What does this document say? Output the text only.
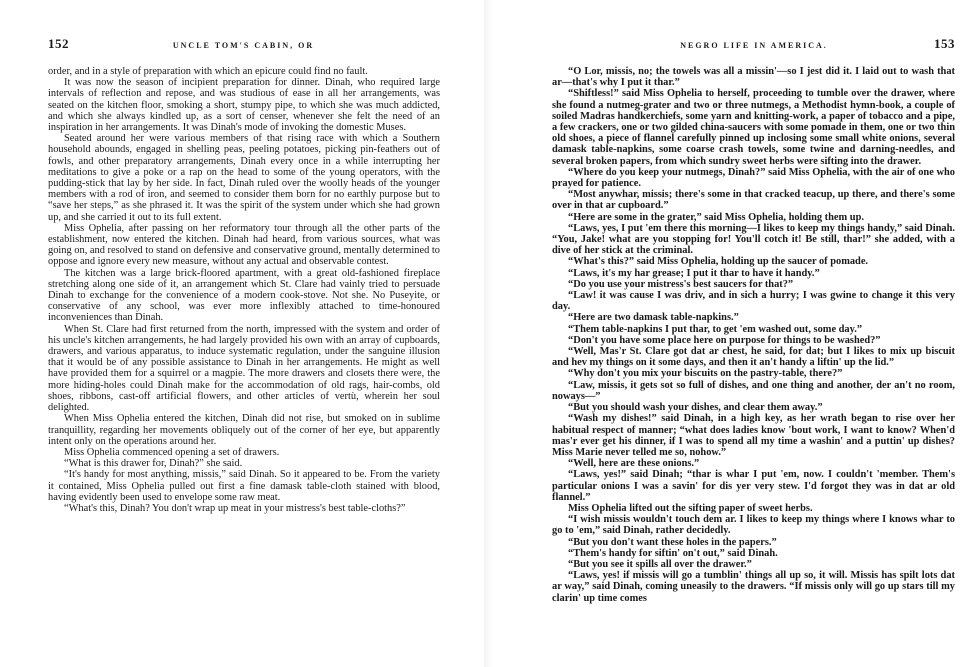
152	UNCLE TOM'S CABIN, OR

order, and in a style of preparation with which an epicure could find no fault.

It was now the season of incipient preparation for dinner. Dinah, who required large intervals of reflection and repose, and was studious of ease in all her arrangements, was seated on the kitchen floor, smoking a short, stumpy pipe, to which she was much addicted, and which she always kindled up, as a sort of censer, whenever she felt the need of an inspiration in her arrangements. It was Dinah's mode of invoking the domestic Muses.

Seated around her were various members of that rising race with which a Southern household abounds, engaged in shelling peas, peeling potatoes, picking pin-feathers out of fowls, and other preparatory arrangements, Dinah every once in a while interrupting her meditations to give a poke or a rap on the head to some of the young operators, with the pudding-stick that lay by her side. In fact, Dinah ruled over the woolly heads of the younger members with a rod of iron, and seemed to consider them born for no earthly purpose but to “save her steps,” as she phrased it. It was the spirit of the system under which she had grown up, and she carried it out to its full extent.

Miss Ophelia, after passing on her reformatory tour through all the other parts of the establishment, now entered the kitchen. Dinah had heard, from various sources, what was going on, and resolved to stand on defensive and conservative ground, mentally determined to oppose and ignore every new measure, without any actual and observable contest.

The kitchen was a large brick-floored apartment, with a great old-fashioned fireplace stretching along one side of it, an arrangement which St. Clare had vainly tried to persuade Dinah to exchange for the convenience of a modern cook-stove. Not she. No Puseyite, or conservative of any school, was ever more inflexibly attached to time-honoured inconveniences than Dinah.

When St. Clare had first returned from the north, impressed with the system and order of his uncle's kitchen arrangements, he had largely provided his own with an array of cupboards, drawers, and various apparatus, to induce systematic regulation, under the sanguine illusion that it would be of any possible assistance to Dinah in her arrangements. He might as well have provided them for a squirrel or a magpie. The more drawers and closets there were, the more hiding-holes could Dinah make for the accommodation of old rags, hair-combs, old shoes, ribbons, cast-off artificial flowers, and other articles of vertù, wherein her soul delighted.

When Miss Ophelia entered the kitchen, Dinah did not rise, but smoked on in sublime tranquillity, regarding her movements obliquely out of the corner of her eye, but apparently intent only on the operations around her.

Miss Ophelia commenced opening a set of drawers.

“What is this drawer for, Dinah?” she said.

“It's handy for most anything, missis,” said Dinah. So it appeared to be. From the variety it contained, Miss Ophelia pulled out first a fine damask table-cloth stained with blood, having evidently been used to envelope some raw meat.

“What's this, Dinah? You don't wrap up meat in your mistress's best table-cloths?”

NEGRO LIFE IN AMERICA.	153

“O Lor, missis, no; the towels was all a missin'—so I jest did it. I laid out to wash that ar—that's why I put it thar.”

“Shiftless!” said Miss Ophelia to herself, proceeding to tumble over the drawer, where she found a nutmeg-grater and two or three nutmegs, a Methodist hymn-book, a couple of soiled Madras handkerchiefs, some yarn and knitting-work, a paper of tobacco and a pipe, a few crackers, one or two gilded china-saucers with some pomade in them, one or two thin old shoes, a piece of flannel carefully pinned up inclosing some small white onions, several damask table-napkins, some coarse crash towels, some twine and darning-needles, and several broken papers, from which sundry sweet herbs were sifting into the drawer.

“Where do you keep your nutmegs, Dinah?” said Miss Ophelia, with the air of one who prayed for patience.

“Most anywhar, missis; there's some in that cracked teacup, up there, and there's some over in that ar cupboard.”

“Here are some in the grater,” said Miss Ophelia, holding them up.

“Laws, yes, I put 'em there this morning—I likes to keep my things handy,” said Dinah. “You, Jake! what are you stopping for! You'll cotch it! Be still, thar!” she added, with a dive of her stick at the criminal.

“What's this?” said Miss Ophelia, holding up the saucer of pomade.

“Laws, it's my har grease; I put it thar to have it handy.”

“Do you use your mistress's best saucers for that?”

“Law! it was cause I was driv, and in sich a hurry; I was gwine to change it this very day.

“Here are two damask table-napkins.”

“Them table-napkins I put thar, to get 'em washed out, some day.”

“Don't you have some place here on purpose for things to be washed?”

“Well, Mas'r St. Clare got dat ar chest, he said, for dat; but I likes to mix up biscuit and hev my things on it some days, and then it an't handy a liftin' up the lid.”

“Why don't you mix your biscuits on the pastry-table, there?”

“Law, missis, it gets sot so full of dishes, and one thing and another, der an't no room, noways—”

“But you should wash your dishes, and clear them away.”

“Wash my dishes!” said Dinah, in a high key, as her wrath began to rise over her habitual respect of manner; “what does ladies know 'bout work, I want to know? When'd mas'r ever get his dinner, if I was to spend all my time a washin' and a puttin' up dishes? Miss Marie never telled me so, nohow.”

“Well, here are these onions.”

“Laws, yes!” said Dinah; “thar is whar I put 'em, now. I couldn't 'member. Them's particular onions I was a savin' for dis yer very stew. I'd forgot they was in dat ar old flannel.”

Miss Ophelia lifted out the sifting paper of sweet herbs.

“I wish missis wouldn't touch dem ar. I likes to keep my things where I knows whar to go to 'em,” said Dinah, rather decidedly.

“But you don't want these holes in the papers.”

“Them's handy for siftin' on't out,” said Dinah.

“But you see it spills all over the drawer.”

“Laws, yes! if missis will go a tumblin' things all up so, it will. Missis has spilt lots dat ar way,” said Dinah, coming uneasily to the drawers. “If missis only will go up stars till my clarin' up time comes
